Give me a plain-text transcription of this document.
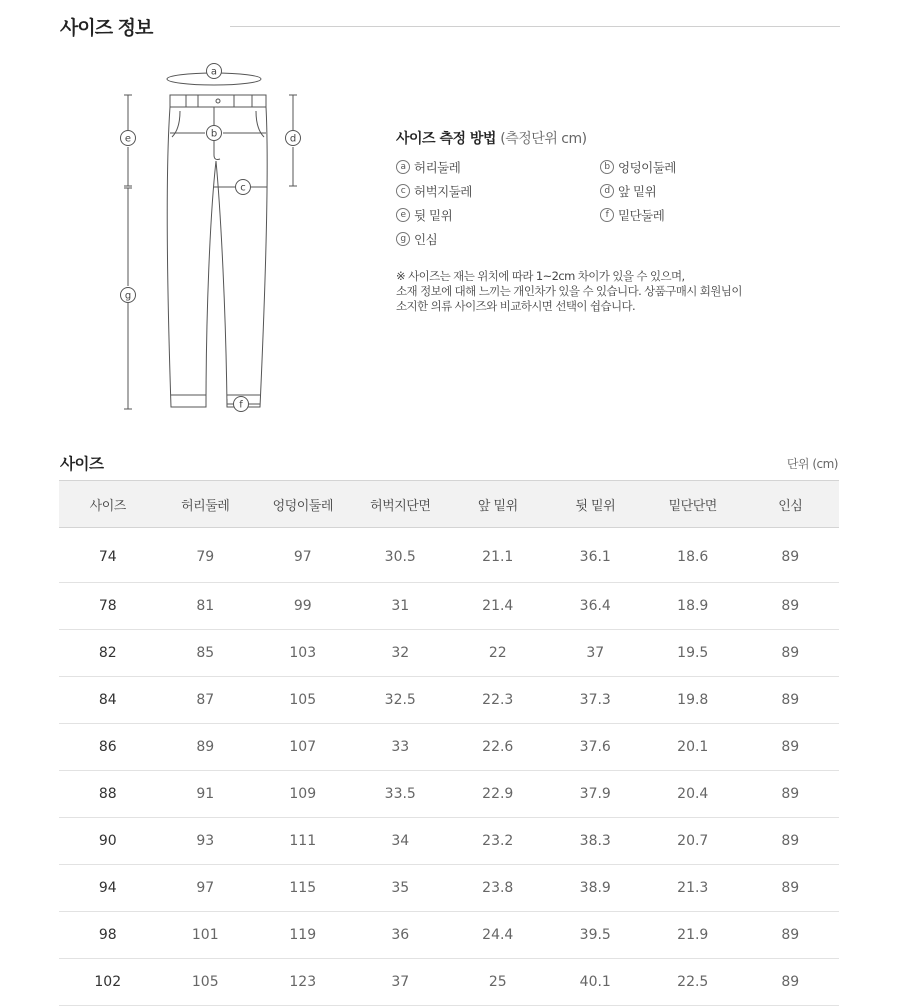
사이즈 정보
a
b
c
d
e
f
g
사이즈 측정 방법 (측정단위 cm)
a 허리둘레	b 엉덩이둘레
c 허벅지둘레	d 앞 밑위
e 뒷 밑위	f 밑단둘레
g 인심
※ 사이즈는 재는 위치에 따라 1~2cm 차이가 있을 수 있으며,
소재 정보에 대해 느끼는 개인차가 있을 수 있습니다. 상품구매시 회원님이
소지한 의류 사이즈와 비교하시면 선택이 쉽습니다.
사이즈	단위 (cm)
사이즈	허리둘레	엉덩이둘레	허벅지단면	앞 밑위	뒷 밑위	밑단단면	인심
74	79	97	30.5	21.1	36.1	18.6	89
78	81	99	31	21.4	36.4	18.9	89
82	85	103	32	22	37	19.5	89
84	87	105	32.5	22.3	37.3	19.8	89
86	89	107	33	22.6	37.6	20.1	89
88	91	109	33.5	22.9	37.9	20.4	89
90	93	111	34	23.2	38.3	20.7	89
94	97	115	35	23.8	38.9	21.3	89
98	101	119	36	24.4	39.5	21.9	89
102	105	123	37	25	40.1	22.5	89
